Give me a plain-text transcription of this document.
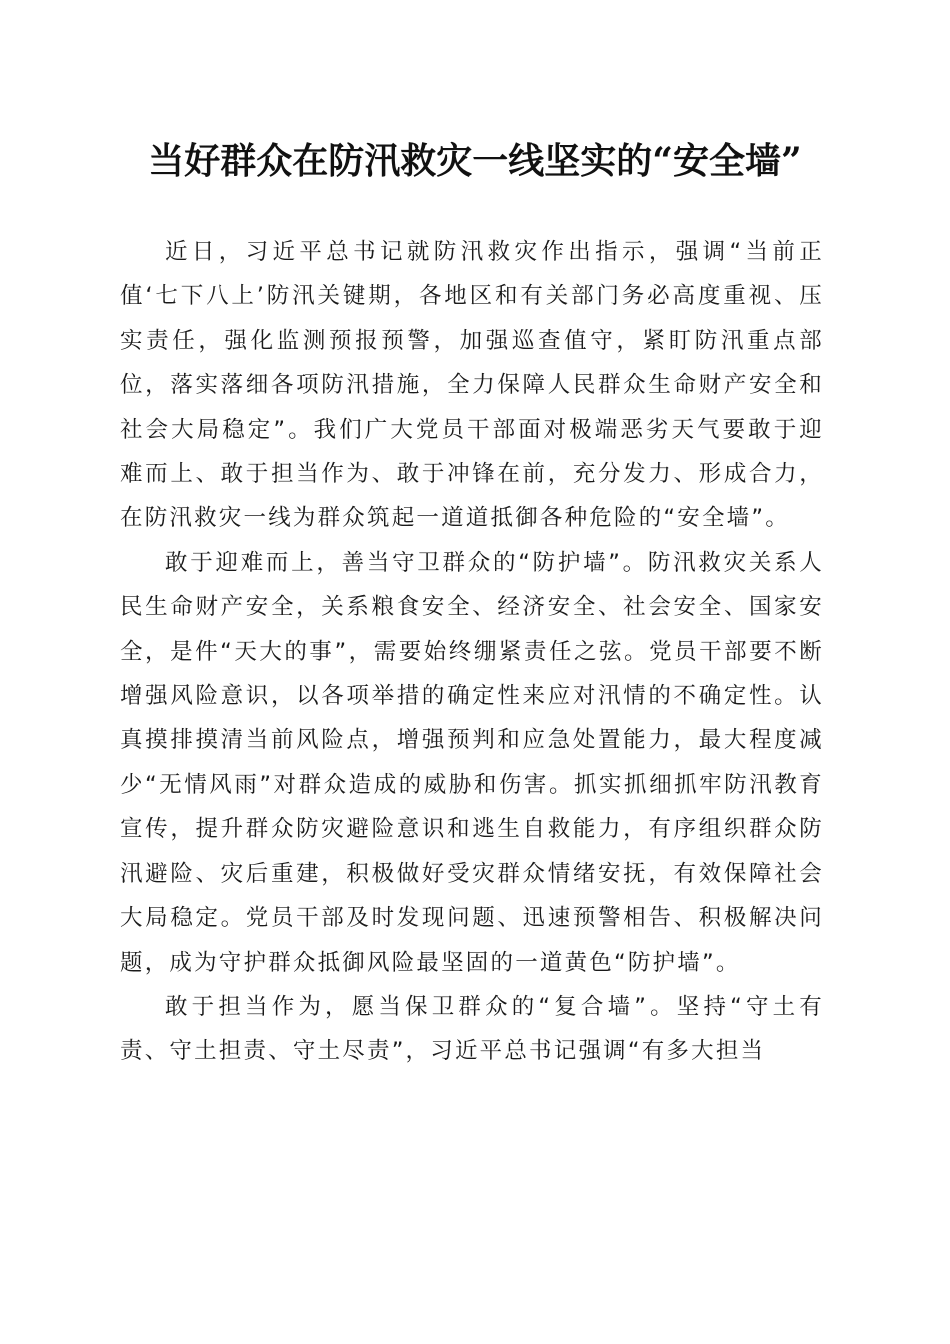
当好群众在防汛救灾一线坚实的“安全墙”

近日，习近平总书记就防汛救灾作出指示，强调“当前正值‘七下八上’防汛关键期，各地区和有关部门务必高度重视、压实责任，强化监测预报预警，加强巡查值守，紧盯防汛重点部位，落实落细各项防汛措施，全力保障人民群众生命财产安全和社会大局稳定”。我们广大党员干部面对极端恶劣天气要敢于迎难而上、敢于担当作为、敢于冲锋在前，充分发力、形成合力，在防汛救灾一线为群众筑起一道道抵御各种危险的“安全墙”。

敢于迎难而上，善当守卫群众的“防护墙”。防汛救灾关系人民生命财产安全，关系粮食安全、经济安全、社会安全、国家安全，是件“天大的事”，需要始终绷紧责任之弦。党员干部要不断增强风险意识，以各项举措的确定性来应对汛情的不确定性。认真摸排摸清当前风险点，增强预判和应急处置能力，最大程度减少“无情风雨”对群众造成的威胁和伤害。抓实抓细抓牢防汛教育宣传，提升群众防灾避险意识和逃生自救能力，有序组织群众防汛避险、灾后重建，积极做好受灾群众情绪安抚，有效保障社会大局稳定。党员干部及时发现问题、迅速预警相告、积极解决问题，成为守护群众抵御风险最坚固的一道黄色“防护墙”。

敢于担当作为，愿当保卫群众的“复合墙”。坚持“守土有责、守土担责、守土尽责”，习近平总书记强调“有多大担当
